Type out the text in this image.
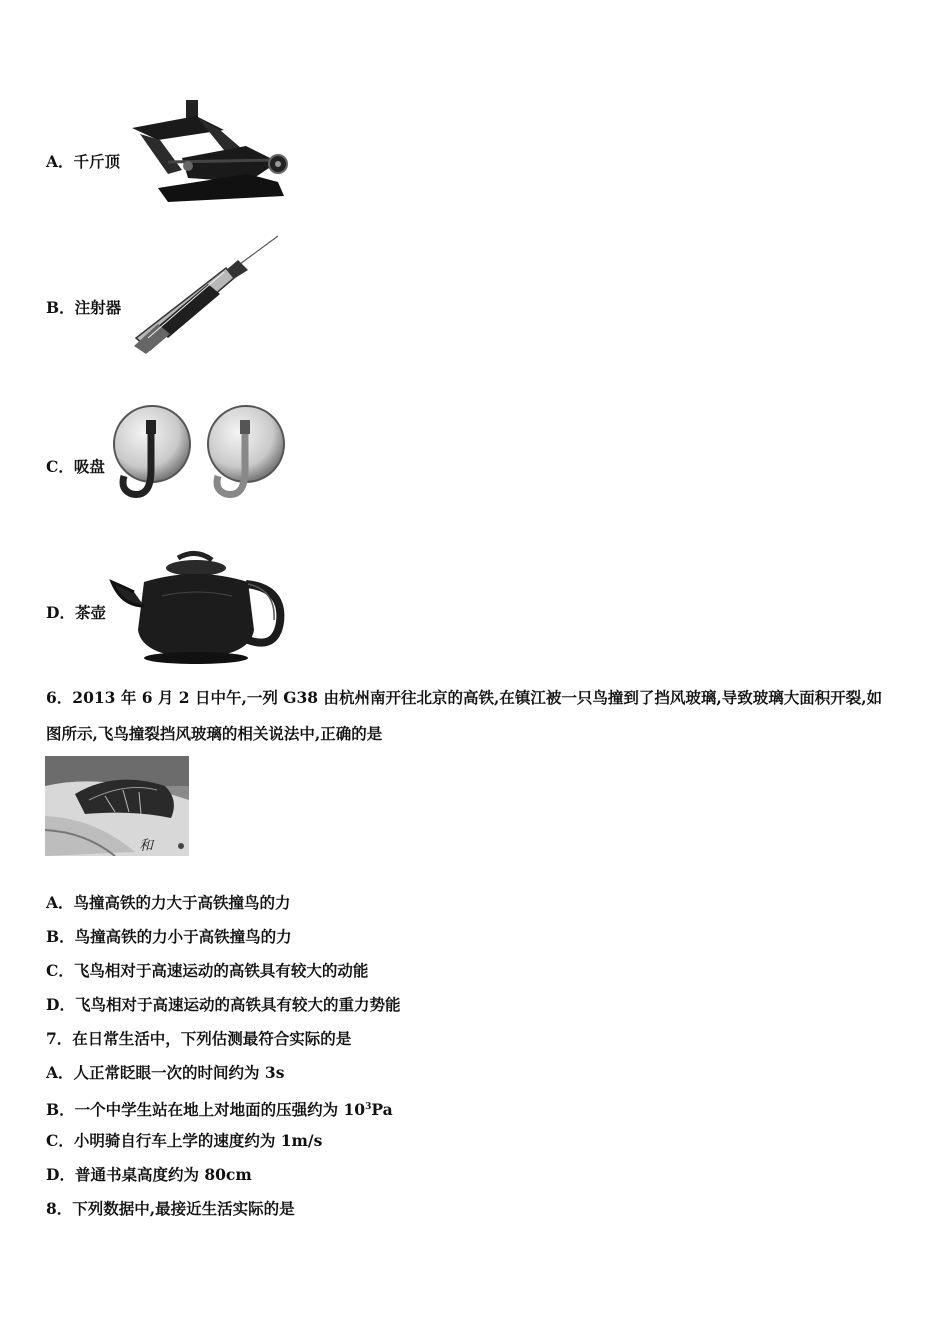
A．千斤顶
B．注射器
C．吸盘
D．茶壶
6．2013 年 6 月 2 日中午,一列 G38 由杭州南开往北京的高铁,在镇江被一只鸟撞到了挡风玻璃,导致玻璃大面积开裂,如
图所示,飞鸟撞裂挡风玻璃的相关说法中,正确的是
和
A．鸟撞高铁的力大于高铁撞鸟的力
B．鸟撞高铁的力小于高铁撞鸟的力
C．飞鸟相对于高速运动的高铁具有较大的动能
D．飞鸟相对于高速运动的高铁具有较大的重力势能
7．在日常生活中，下列估测最符合实际的是
A．人正常眨眼一次的时间约为 3s
B．一个中学生站在地上对地面的压强约为 $10^3Pa$
C．小明骑自行车上学的速度约为 1m/s
D．普通书桌高度约为 80cm
8．下列数据中,最接近生活实际的是
